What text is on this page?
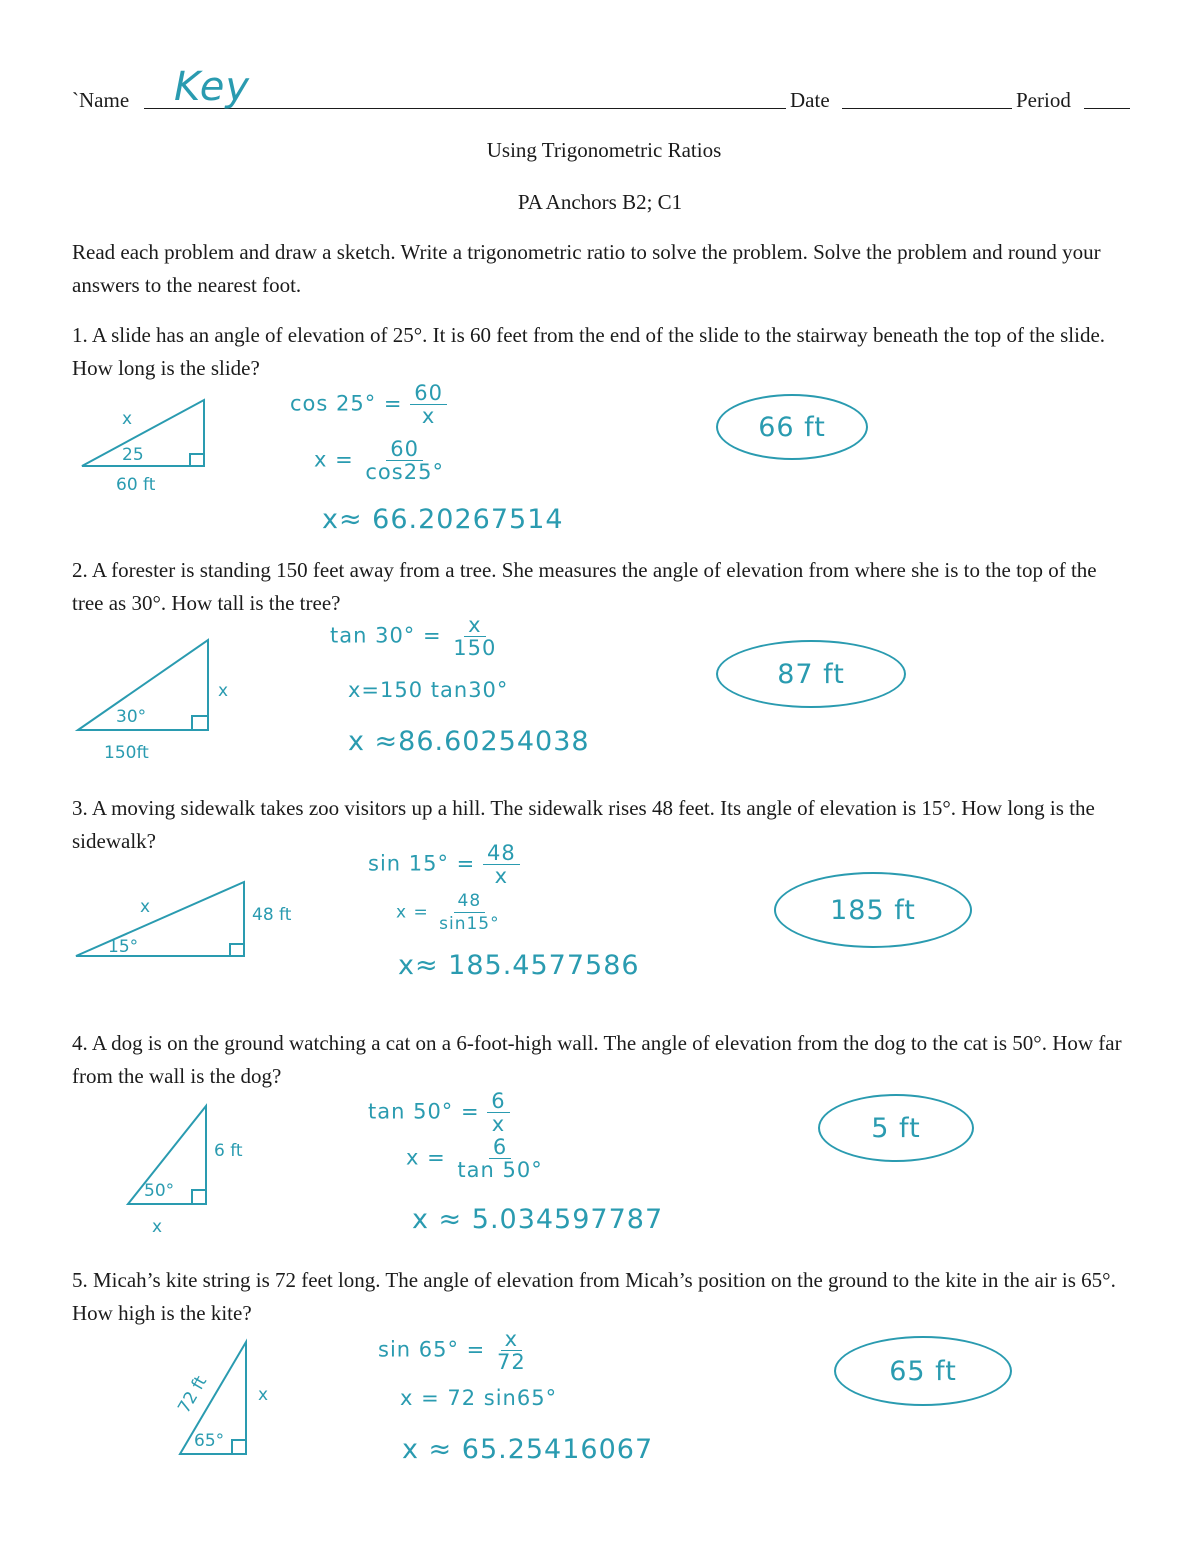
`Name Key	Date	Period
Using Trigonometric Ratios
PA Anchors B2; C1
Read each problem and draw a sketch. Write a trigonometric ratio to solve the problem. Solve the problem and round your answers to the nearest foot.
1. A slide has an angle of elevation of 25°. It is 60 feet from the end of the slide to the stairway beneath the top of the slide. How long is the slide?
x
25
60 ft
$\cos 25^\circ = \frac{60}{x}$
$x = \frac{60}{\cos 25^\circ}$
x≈ 66.20267514
66 ft
2. A forester is standing 150 feet away from a tree. She measures the angle of elevation from where she is to the top of the tree as 30°. How tall is the tree?
x
30°
150ft
$\tan 30^\circ = \frac{x}{150}$
x=150 tan30°
x ≈86.60254038
87 ft
3. A moving sidewalk takes zoo visitors up a hill. The sidewalk rises 48 feet. Its angle of elevation is 15°. How long is the sidewalk?
x
15°
48 ft
$\sin 15^\circ = \frac{48}{x}$
$x = \frac{48}{\sin 15^\circ}$
x≈ 185.4577586
185 ft
4. A dog is on the ground watching a cat on a 6-foot-high wall. The angle of elevation from the dog to the cat is 50°. How far from the wall is the dog?
6 ft
50°
x
$\tan 50^\circ = \frac{6}{x}$
$x = \frac{6}{\tan 50^\circ}$
x ≈ 5.034597787
5 ft
5. Micah’s kite string is 72 feet long. The angle of elevation from Micah’s position on the ground to the kite in the air is 65°. How high is the kite?
72 ft
65°
x
$\sin 65^\circ = \frac{x}{72}$
x = 72 sin65°
x ≈ 65.25416067
65 ft
